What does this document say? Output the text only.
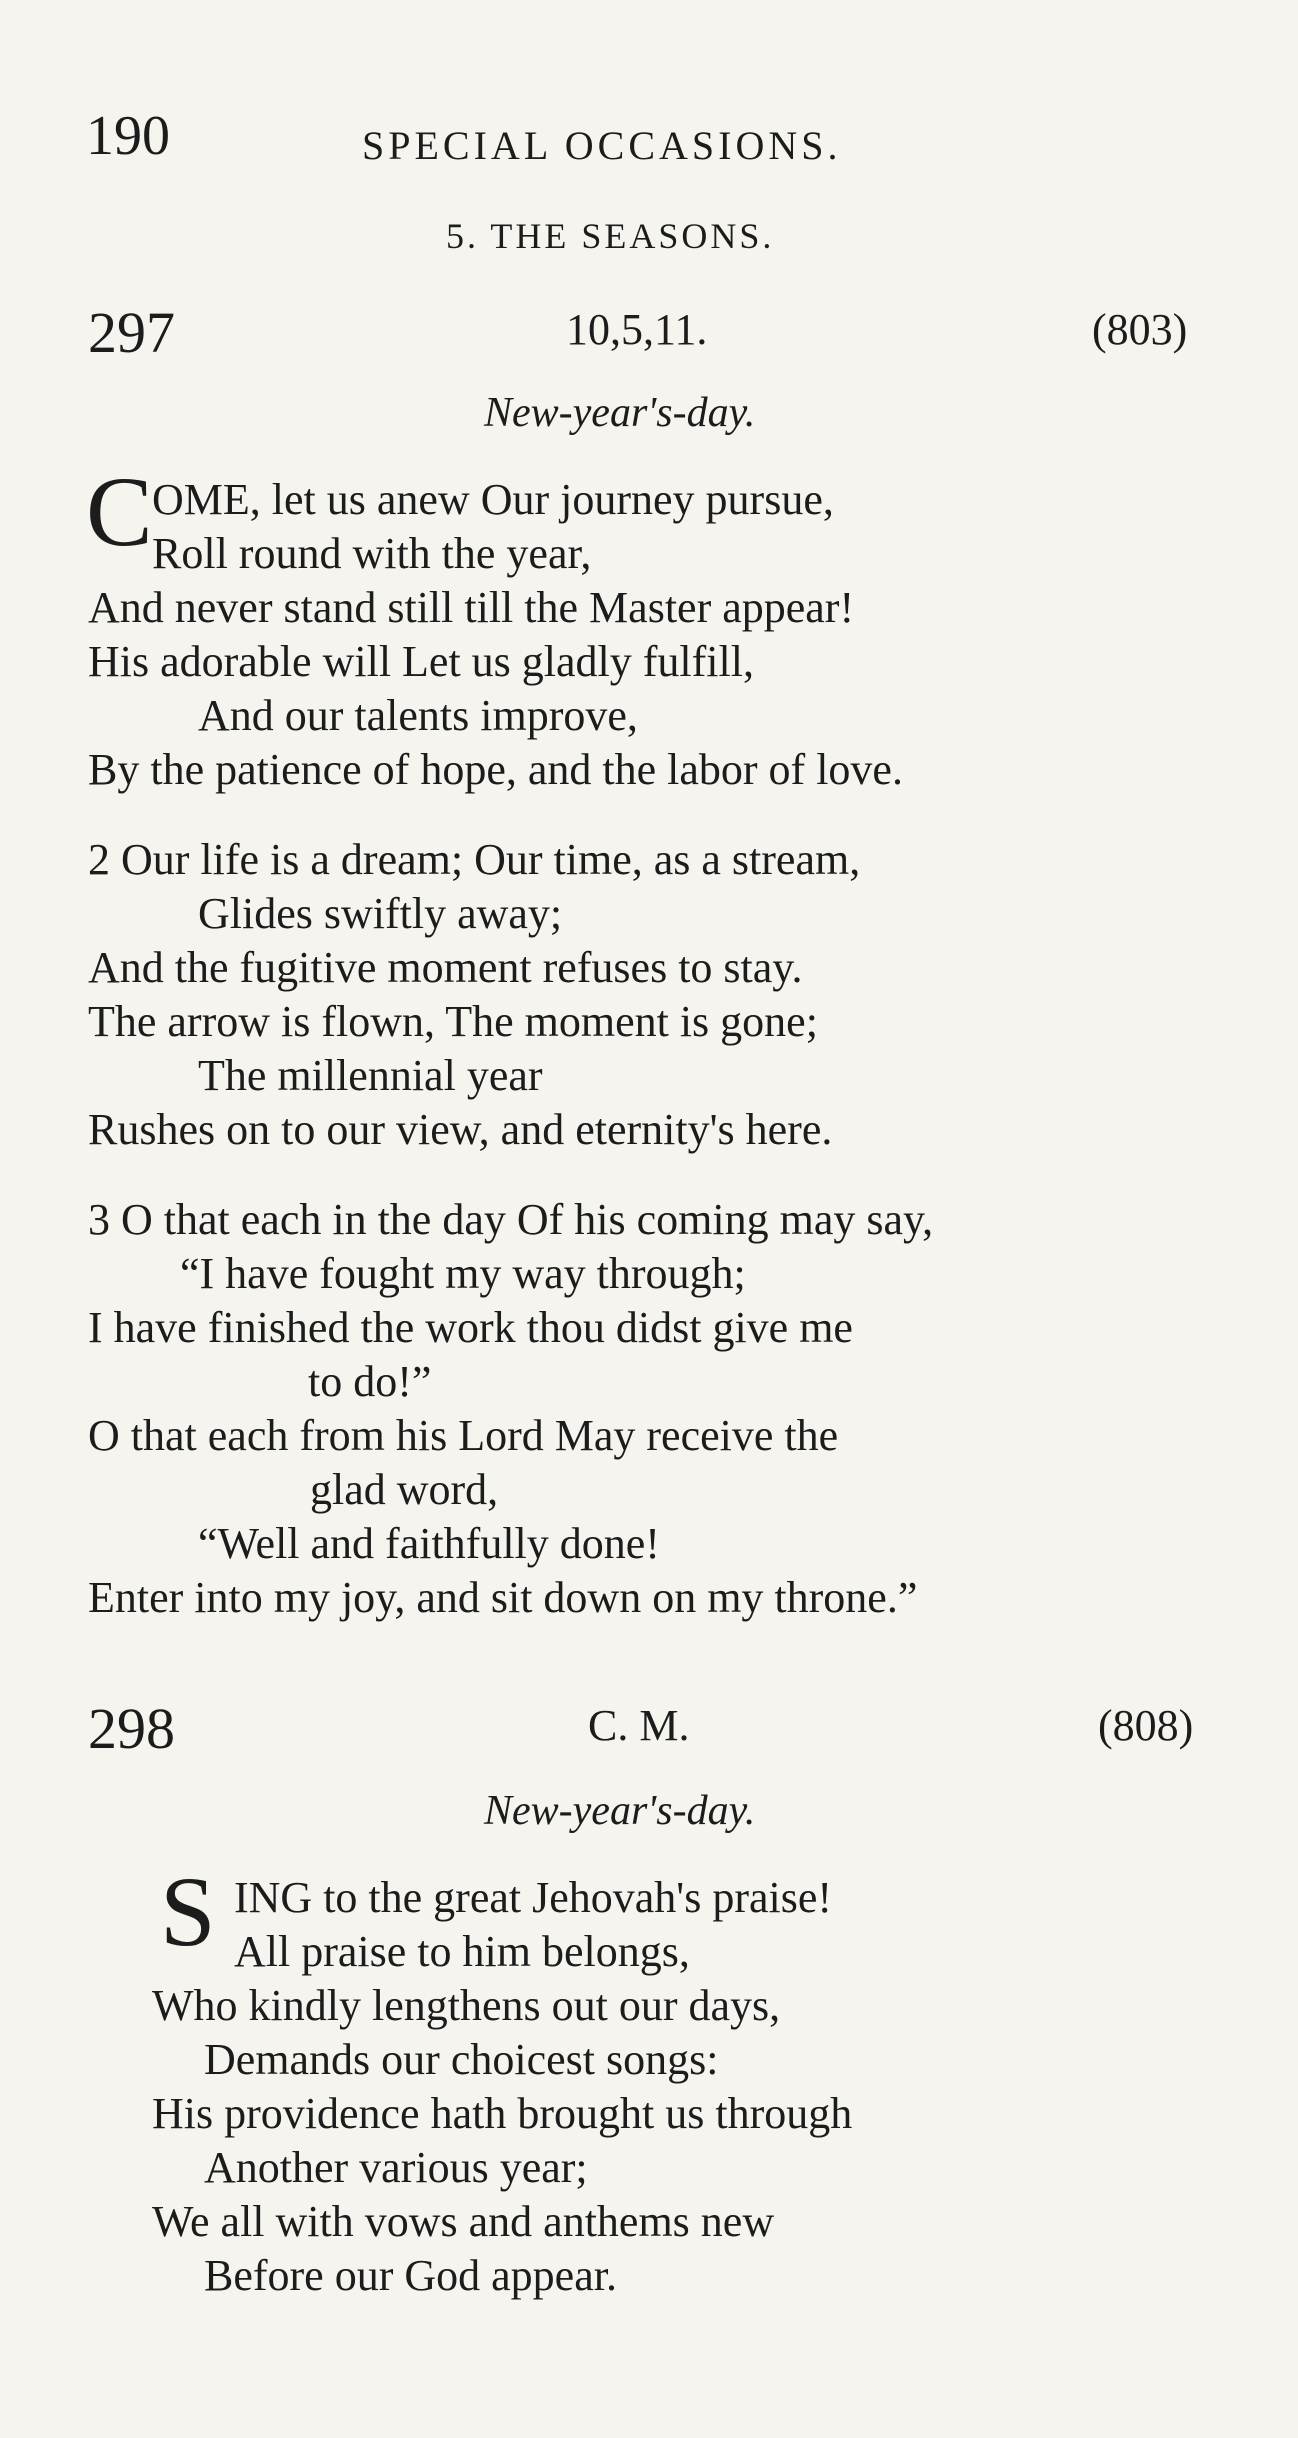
190	SPECIAL OCCASIONS.
5. THE SEASONS.
297	10,5,11.	(803)
New-year's-day.
C OME, let us anew Our journey pursue,
Roll round with the year,
And never stand still till the Master appear!
His adorable will Let us gladly fulfill,
And our talents improve,
By the patience of hope, and the labor of love.
2 Our life is a dream; Our time, as a stream,
Glides swiftly away;
And the fugitive moment refuses to stay.
The arrow is flown, The moment is gone;
The millennial year
Rushes on to our view, and eternity's here.
3 O that each in the day Of his coming may say,
“I have fought my way through;
I have finished the work thou didst give me
to do!”
O that each from his Lord May receive the
glad word,
“Well and faithfully done!
Enter into my joy, and sit down on my throne.”
298	C. M.	(808)
New-year's-day.
S ING to the great Jehovah's praise!
All praise to him belongs,
Who kindly lengthens out our days,
Demands our choicest songs:
His providence hath brought us through
Another various year;
We all with vows and anthems new
Before our God appear.
